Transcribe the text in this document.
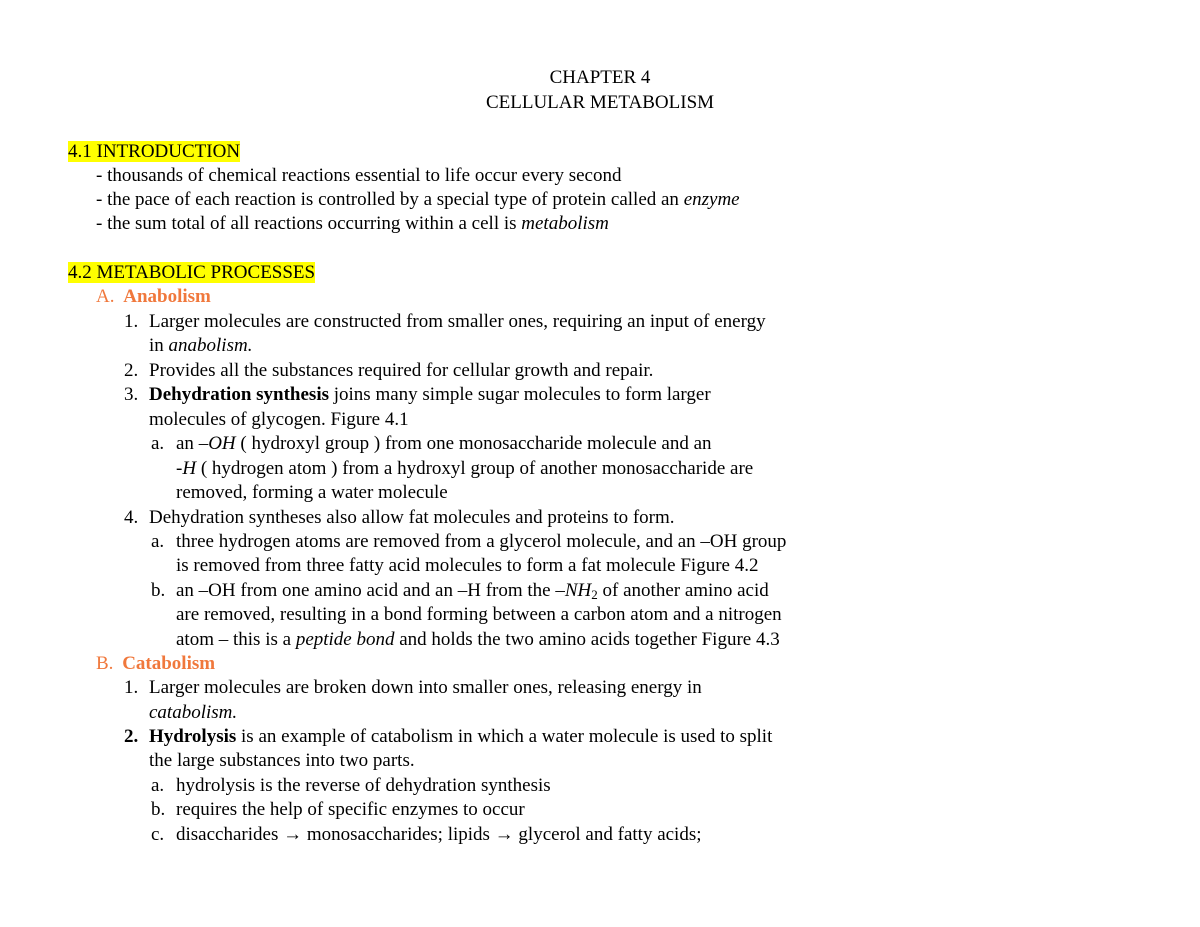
CHAPTER 4
CELLULAR METABOLISM
4.1 INTRODUCTION
- thousands of chemical reactions essential to life occur every second
- the pace of each reaction is controlled by a special type of protein called an enzyme
- the sum total of all reactions occurring within a cell is metabolism
4.2 METABOLIC PROCESSES
A. Anabolism
1. Larger molecules are constructed from smaller ones, requiring an input of energy
in anabolism.
2. Provides all the substances required for cellular growth and repair.
3. Dehydration synthesis joins many simple sugar molecules to form larger
molecules of glycogen. Figure 4.1
a. an –OH ( hydroxyl group ) from one monosaccharide molecule and an
-H ( hydrogen atom ) from a hydroxyl group of another monosaccharide are
removed, forming a water molecule
4. Dehydration syntheses also allow fat molecules and proteins to form.
a. three hydrogen atoms are removed from a glycerol molecule, and an –OH group
is removed from three fatty acid molecules to form a fat molecule Figure 4.2
b. an –OH from one amino acid and an –H from the $-NH_2$ of another amino acid
are removed, resulting in a bond forming between a carbon atom and a nitrogen
atom – this is a peptide bond and holds the two amino acids together Figure 4.3
B. Catabolism
1. Larger molecules are broken down into smaller ones, releasing energy in
catabolism.
2. Hydrolysis is an example of catabolism in which a water molecule is used to split
the large substances into two parts.
a. hydrolysis is the reverse of dehydration synthesis
b. requires the help of specific enzymes to occur
c. disaccharides → monosaccharides; lipids → glycerol and fatty acids;
